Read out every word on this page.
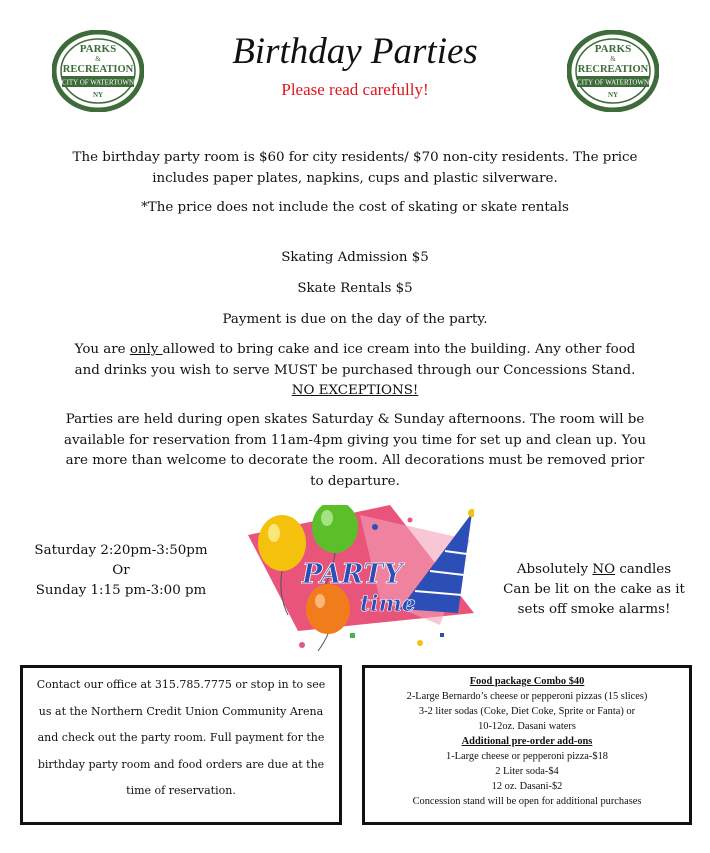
PARKS
&
RECREATION
CITY OF WATERTOWN
NY
PARKS
&
RECREATION
CITY OF WATERTOWN
NY
Birthday Parties
Please read carefully!
The birthday party room is $60 for city residents/ $70 non-city residents. The price includes paper plates, napkins, cups and plastic silverware.
*The price does not include the cost of skating or skate rentals
Skating Admission $5
Skate Rentals $5
Payment is due on the day of the party.
You are only allowed to bring cake and ice cream into the building. Any other food and drinks you wish to serve MUST be purchased through our Concessions Stand.
NO EXCEPTIONS!
Parties are held during open skates Saturday & Sunday afternoons. The room will be available for reservation from 11am-4pm giving you time for set up and clean up. You are more than welcome to decorate the room. All decorations must be removed prior to departure.
Saturday 2:20pm-3:50pm
Or
Sunday 1:15 pm-3:00 pm
Absolutely NO candles
Can be lit on the cake as it
sets off smoke alarms!
PARTY
time
Contact our office at 315.785.7775 or stop in to see us at the Northern Credit Union Community Arena and check out the party room. Full payment for the birthday party room and food orders are due at the time of reservation.
Food package Combo $40
2-Large Bernardo’s cheese or pepperoni pizzas (15 slices)
3-2 liter sodas (Coke, Diet Coke, Sprite or Fanta) or
10-12oz. Dasani waters
Additional pre-order add-ons
1-Large cheese or pepperoni pizza-$18
2 Liter soda-$4
12 oz. Dasani-$2
Concession stand will be open for additional purchases
